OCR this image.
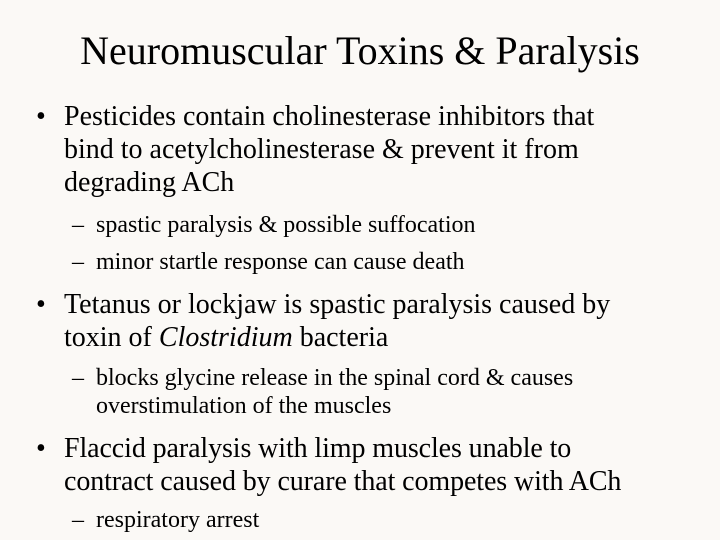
Neuromuscular Toxins & Paralysis
• Pesticides contain cholinesterase inhibitors that
bind to acetylcholinesterase & prevent it from
degrading ACh
– spastic paralysis & possible suffocation
– minor startle response can cause death
• Tetanus or lockjaw is spastic paralysis caused by
toxin of Clostridium bacteria
– blocks glycine release in the spinal cord & causes
overstimulation of the muscles
• Flaccid paralysis with limp muscles unable to
contract caused by curare that competes with ACh
– respiratory arrest
